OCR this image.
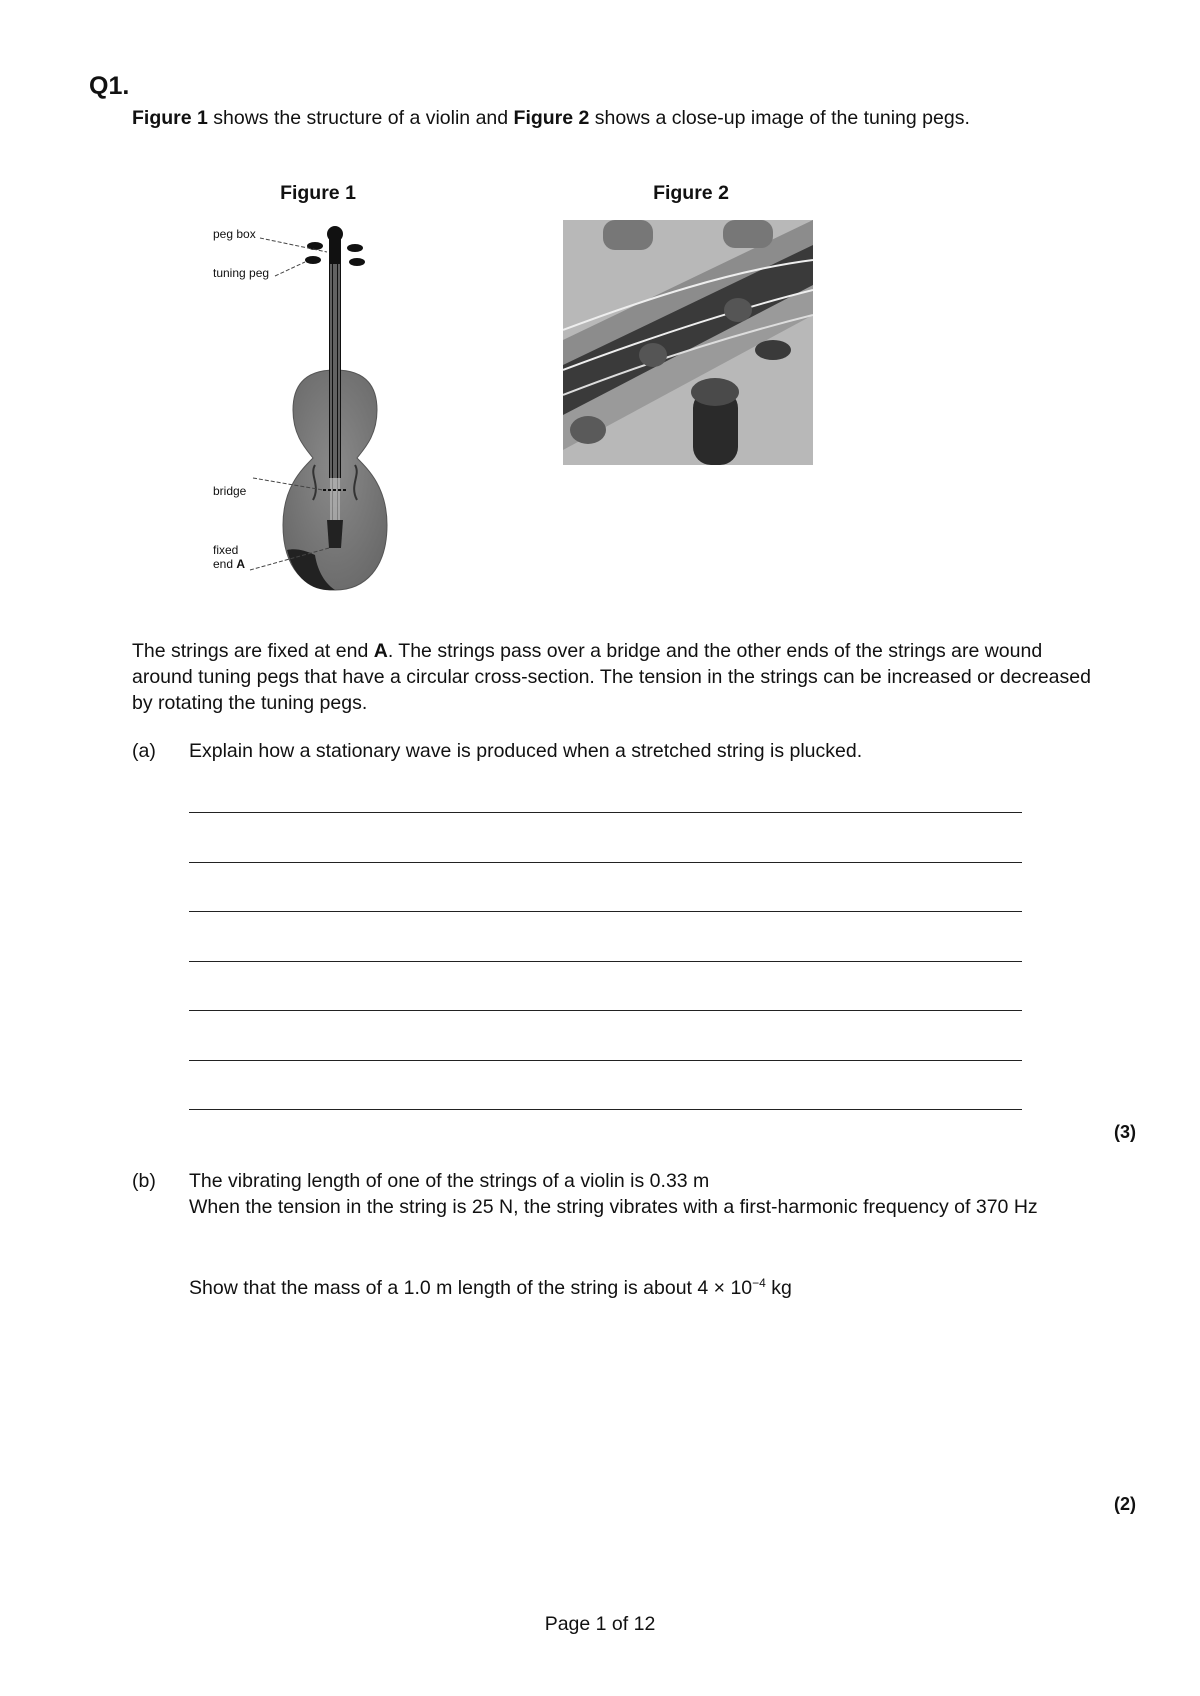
Q1.
Figure 1 shows the structure of a violin and Figure 2 shows a close-up image of the tuning pegs.
Figure 1	Figure 2
peg box
tuning peg
bridge
fixed
end A
The strings are fixed at end A. The strings pass over a bridge and the other ends of the strings are wound around tuning pegs that have a circular cross-section. The tension in the strings can be increased or decreased by rotating the tuning pegs.
(a) Explain how a stationary wave is produced when a stretched string is plucked.
(3)
(b) The vibrating length of one of the strings of a violin is 0.33 m
When the tension in the string is 25 N, the string vibrates with a first-harmonic frequency of 370 Hz
Show that the mass of a 1.0 m length of the string is about $4 \times 10^{-4}$ kg
(2)
Page 1 of 12
